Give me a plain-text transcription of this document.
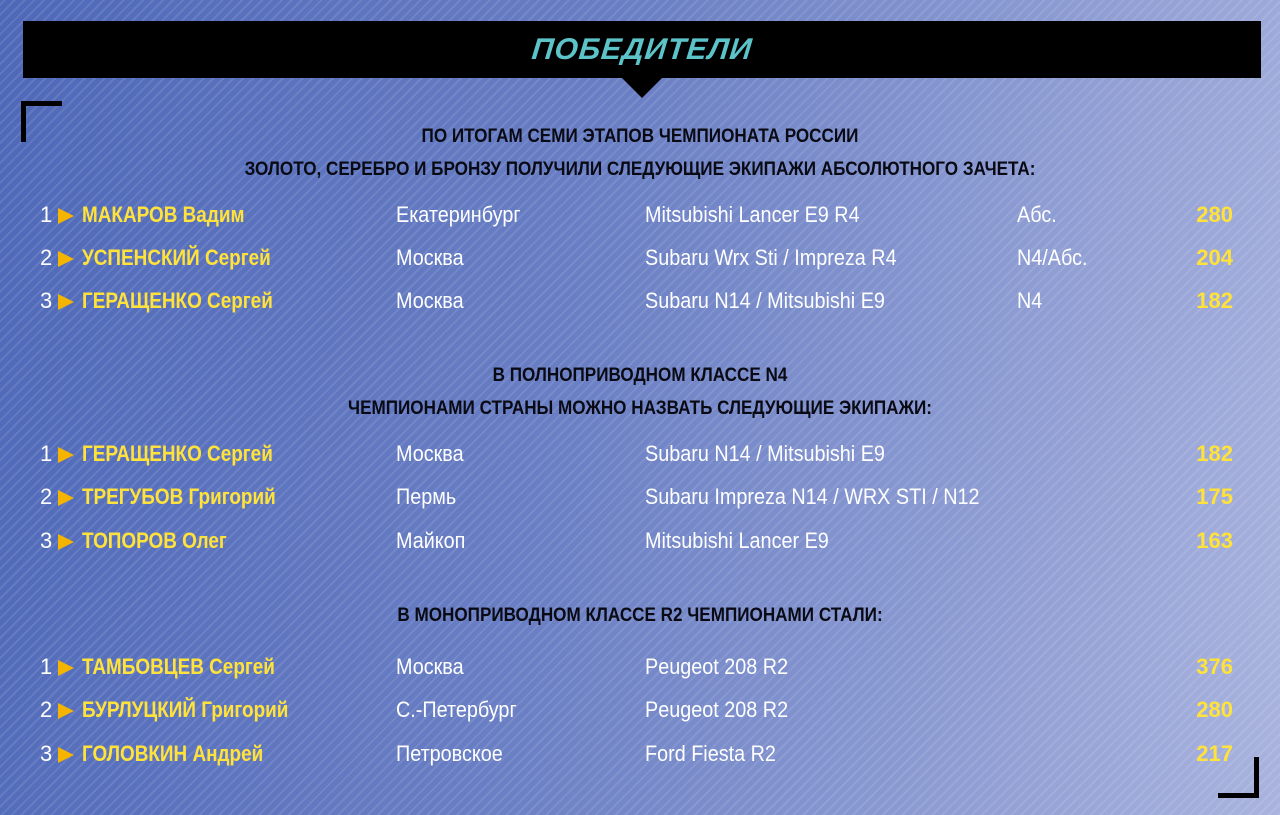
ПОБЕДИТЕЛИ
ПО ИТОГАМ СЕМИ ЭТАПОВ ЧЕМПИОНАТА РОССИИ
ЗОЛОТО, СЕРЕБРО И БРОНЗУ ПОЛУЧИЛИ СЛЕДУЮЩИЕ ЭКИПАЖИ АБСОЛЮТНОГО ЗАЧЕТА:
1 МАКАРОВ Вадим	Екатеринбург	Mitsubishi Lancer E9 R4	Абс.	280
2 УСПЕНСКИЙ Сергей	Москва	Subaru Wrx Sti / Impreza R4	N4/Абс.	204
3 ГЕРАЩЕНКО Сергей	Москва	Subaru N14 / Mitsubishi E9	N4	182
В ПОЛНОПРИВОДНОМ КЛАССЕ N4
ЧЕМПИОНАМИ СТРАНЫ МОЖНО НАЗВАТЬ СЛЕДУЮЩИЕ ЭКИПАЖИ:
1 ГЕРАЩЕНКО Сергей	Москва	Subaru N14 / Mitsubishi E9	182
2 ТРЕГУБОВ Григорий	Пермь	Subaru Impreza N14 / WRX STI / N12	175
3 ТОПОРОВ Олег	Майкоп	Mitsubishi Lancer E9	163
В МОНОПРИВОДНОМ КЛАССЕ R2 ЧЕМПИОНАМИ СТАЛИ:
1 ТАМБОВЦЕВ Сергей	Москва	Peugeot 208 R2	376
2 БУРЛУЦКИЙ Григорий	С.-Петербург	Peugeot 208 R2	280
3 ГОЛОВКИН Андрей	Петровское	Ford Fiesta R2	217
